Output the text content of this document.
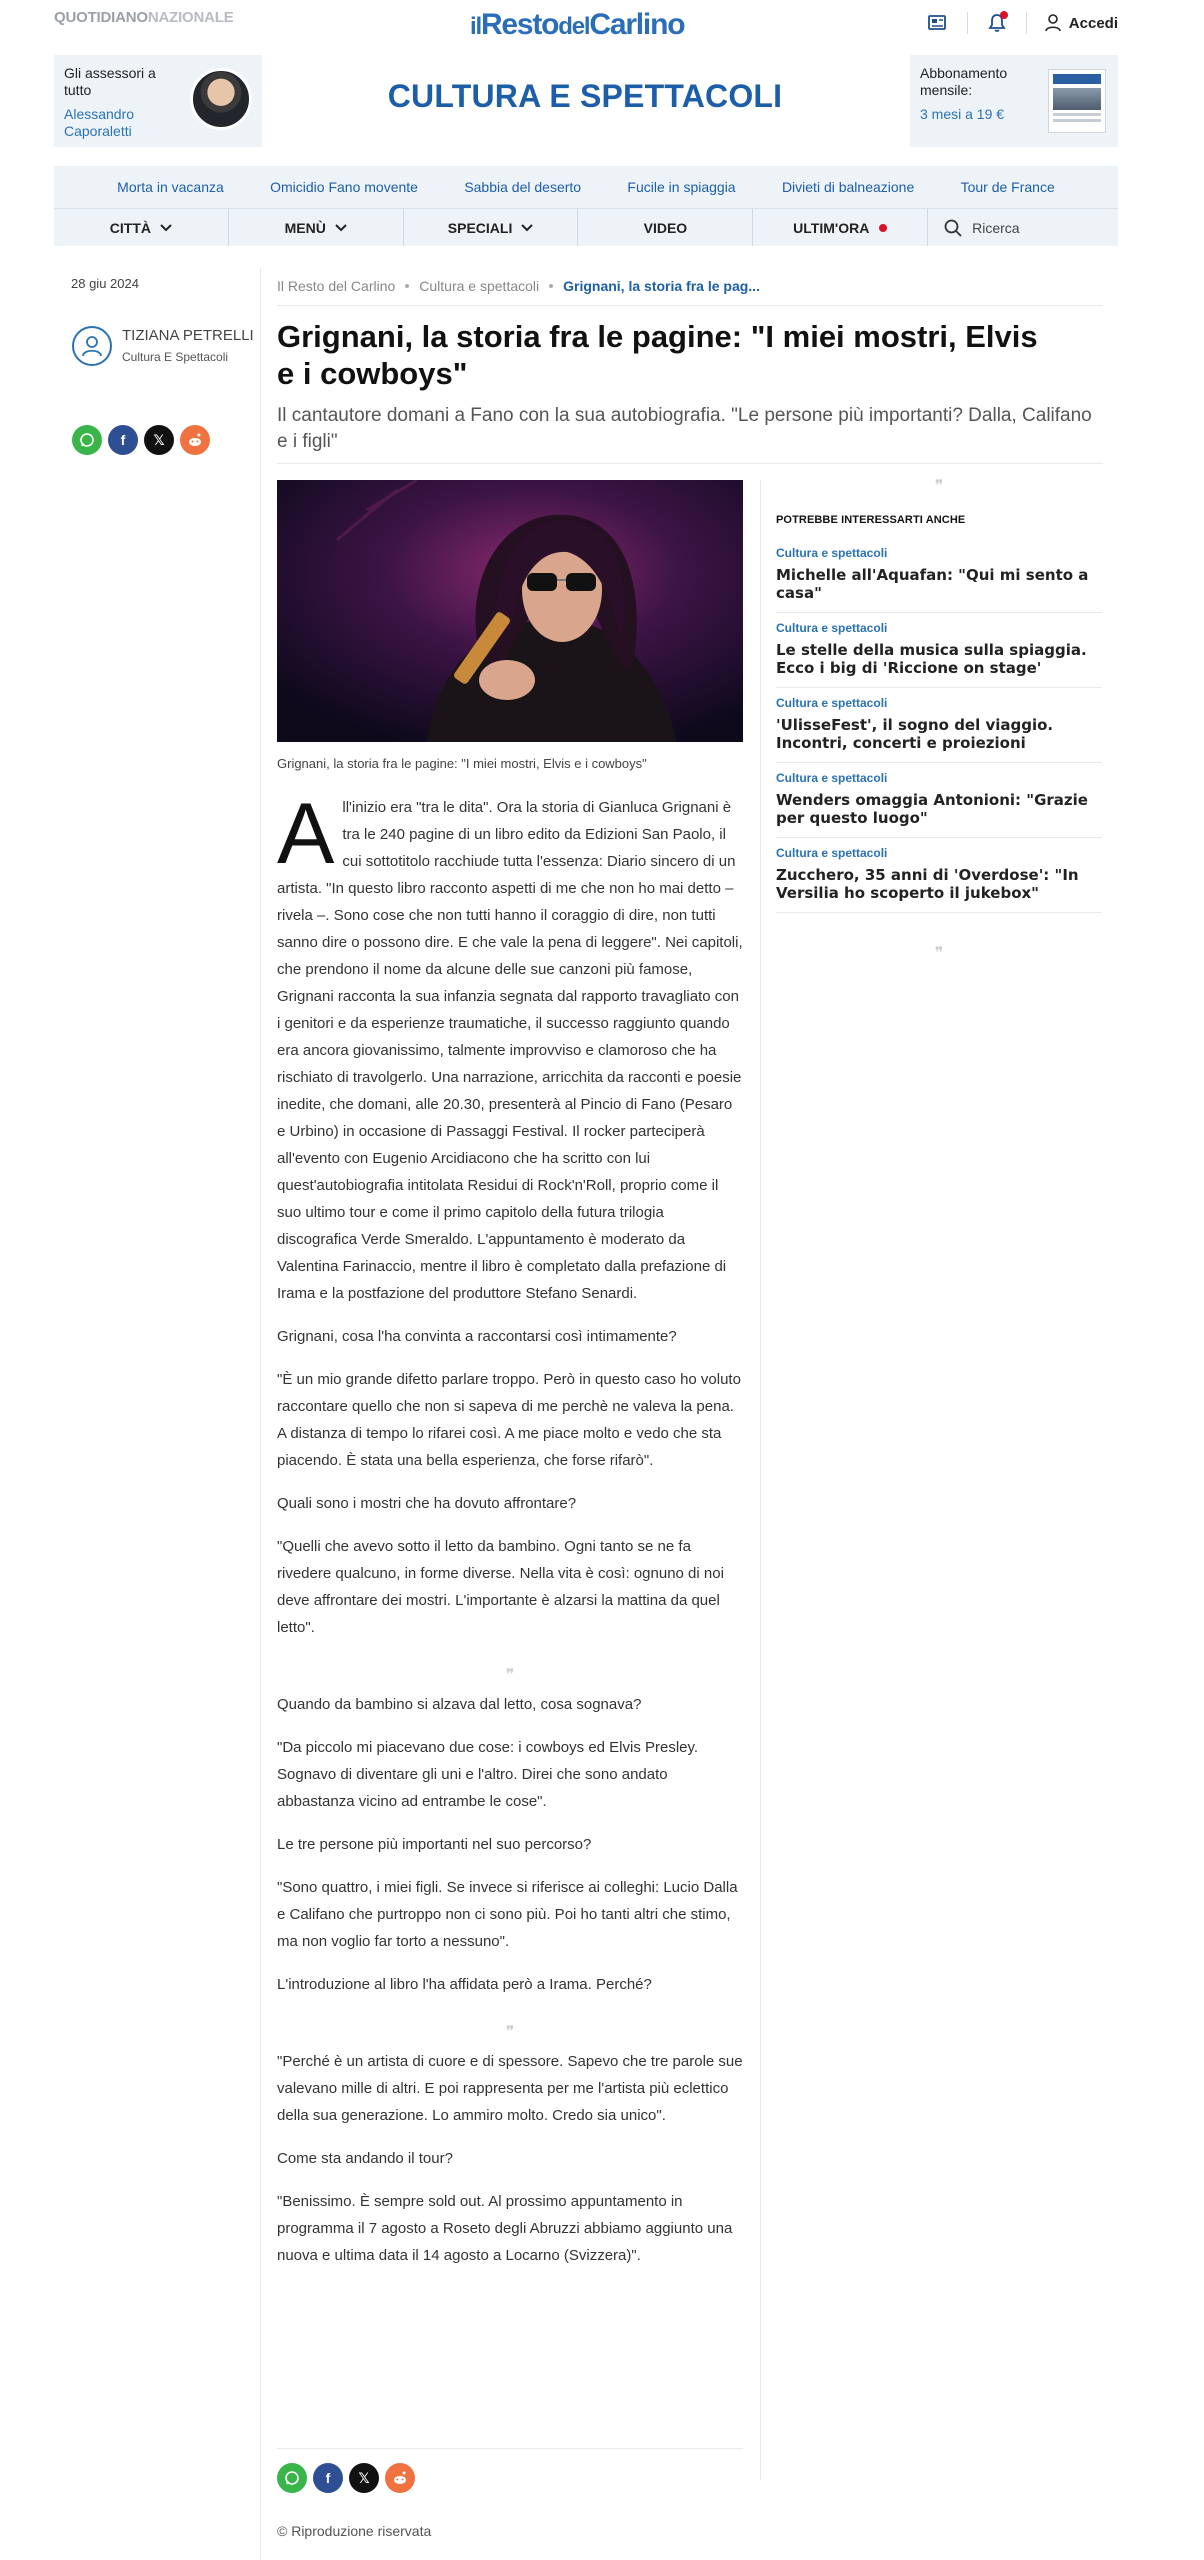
QUOTIDIANONAZIONALE	ilRestodelCarlino	Accedi
Gli assessori a tutto
Alessandro Caporaletti
CULTURA E SPETTACOLI
Abbonamento mensile:
3 mesi a 19 €
Morta in vacanza	Omicidio Fano movente	Sabbia del deserto	Fucile in spiaggia	Divieti di balneazione	Tour de France
CITTÀ	MENÙ	SPECIALI	VIDEO	ULTIM'ORA	Ricerca
28 giu 2024
TIZIANA PETRELLI
Cultura E Spettacoli
f 𝕏
Il Resto del Carlino Cultura e spettacoli Grignani, la storia fra le pag...
Grignani, la storia fra le pagine: "I miei mostri, Elvis e i cowboys"
Il cantautore domani a Fano con la sua autobiografia. "Le persone più importanti? Dalla, Califano e i figli"
Grignani, la storia fra le pagine: "I miei mostri, Elvis e i cowboys"

All'inizio era "tra le dita". Ora la storia di Gianluca Grignani è tra le 240 pagine di un libro edito da Edizioni San Paolo, il cui sottotitolo racchiude tutta l'essenza: Diario sincero di un artista. "In questo libro racconto aspetti di me che non ho mai detto – rivela –. Sono cose che non tutti hanno il coraggio di dire, non tutti sanno dire o possono dire. E che vale la pena di leggere". Nei capitoli, che prendono il nome da alcune delle sue canzoni più famose, Grignani racconta la sua infanzia segnata dal rapporto travagliato con i genitori e da esperienze traumatiche, il successo raggiunto quando era ancora giovanissimo, talmente improvviso e clamoroso che ha rischiato di travolgerlo. Una narrazione, arricchita da racconti e poesie inedite, che domani, alle 20.30, presenterà al Pincio di Fano (Pesaro e Urbino) in occasione di Passaggi Festival. Il rocker parteciperà all'evento con Eugenio Arcidiacono che ha scritto con lui quest'autobiografia intitolata Residui di Rock'n'Roll, proprio come il suo ultimo tour e come il primo capitolo della futura trilogia discografica Verde Smeraldo. L'appuntamento è moderato da Valentina Farinaccio, mentre il libro è completato dalla prefazione di Irama e la postfazione del produttore Stefano Senardi.

Grignani, cosa l'ha convinta a raccontarsi così intimamente?

"È un mio grande difetto parlare troppo. Però in questo caso ho voluto raccontare quello che non si sapeva di me perchè ne valeva la pena. A distanza di tempo lo rifarei così. A me piace molto e vedo che sta piacendo. È stata una bella esperienza, che forse rifarò".

Quali sono i mostri che ha dovuto affrontare?

"Quelli che avevo sotto il letto da bambino. Ogni tanto se ne fa rivedere qualcuno, in forme diverse. Nella vita è così: ognuno di noi deve affrontare dei mostri. L'importante è alzarsi la mattina da quel letto".

❞

Quando da bambino si alzava dal letto, cosa sognava?

"Da piccolo mi piacevano due cose: i cowboys ed Elvis Presley. Sognavo di diventare gli uni e l'altro. Direi che sono andato abbastanza vicino ad entrambe le cose".

Le tre persone più importanti nel suo percorso?

"Sono quattro, i miei figli. Se invece si riferisce ai colleghi: Lucio Dalla e Califano che purtroppo non ci sono più. Poi ho tanti altri che stimo, ma non voglio far torto a nessuno".

L'introduzione al libro l'ha affidata però a Irama. Perché?

❞

"Perché è un artista di cuore e di spessore. Sapevo che tre parole sue valevano mille di altri. E poi rappresenta per me l'artista più eclettico della sua generazione. Lo ammiro molto. Credo sia unico".

Come sta andando il tour?

"Benissimo. È sempre sold out. Al prossimo appuntamento in programma il 7 agosto a Roseto degli Abruzzi abbiamo aggiunto una nuova e ultima data il 14 agosto a Locarno (Svizzera)".

❞
POTREBBE INTERESSARTI ANCHE
Cultura e spettacoli
Michelle all'Aquafan: "Qui mi sento a casa"
Cultura e spettacoli
Le stelle della musica sulla spiaggia. Ecco i big di 'Riccione on stage'
Cultura e spettacoli
'UlisseFest', il sogno del viaggio. Incontri, concerti e proiezioni
Cultura e spettacoli
Wenders omaggia Antonioni: "Grazie per questo luogo"
Cultura e spettacoli
Zucchero, 35 anni di 'Overdose': "In Versilia ho scoperto il jukebox"
❞
f 𝕏
© Riproduzione riservata
